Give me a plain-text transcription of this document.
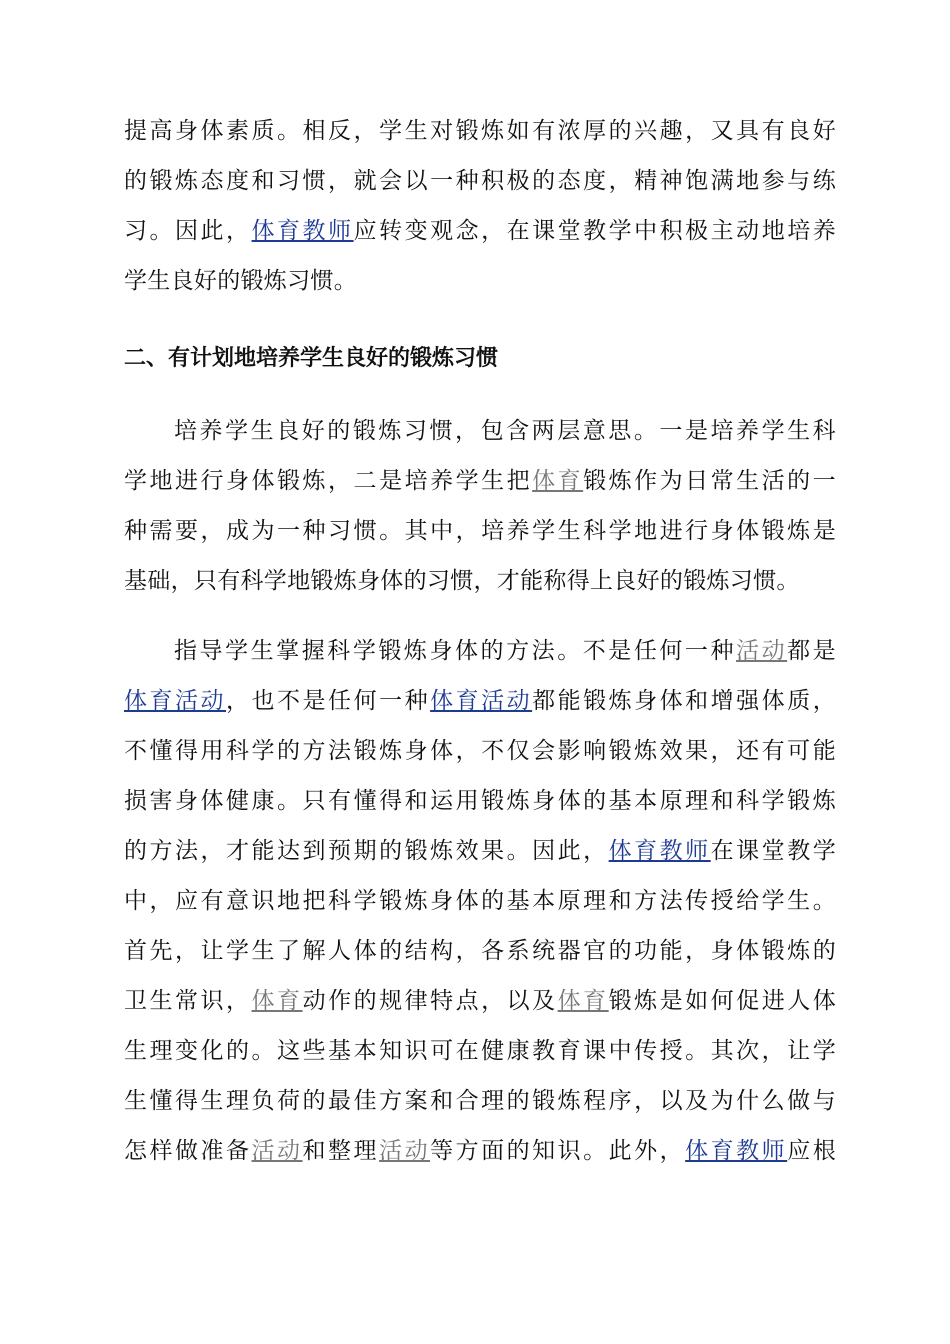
提高身体素质。相反，学生对锻炼如有浓厚的兴趣，又具有良好
的锻炼态度和习惯，就会以一种积极的态度，精神饱满地参与练
习。因此，体育教师应转变观念，在课堂教学中积极主动地培养
学生良好的锻炼习惯。
二、有计划地培养学生良好的锻炼习惯
培养学生良好的锻炼习惯，包含两层意思。一是培养学生科
学地进行身体锻炼，二是培养学生把体育锻炼作为日常生活的一
种需要，成为一种习惯。其中，培养学生科学地进行身体锻炼是
基础，只有科学地锻炼身体的习惯，才能称得上良好的锻炼习惯。
指导学生掌握科学锻炼身体的方法。不是任何一种活动都是
体育活动，也不是任何一种体育活动都能锻炼身体和增强体质，
不懂得用科学的方法锻炼身体，不仅会影响锻炼效果，还有可能
损害身体健康。只有懂得和运用锻炼身体的基本原理和科学锻炼
的方法，才能达到预期的锻炼效果。因此，体育教师在课堂教学
中，应有意识地把科学锻炼身体的基本原理和方法传授给学生。
首先，让学生了解人体的结构，各系统器官的功能，身体锻炼的
卫生常识，体育动作的规律特点，以及体育锻炼是如何促进人体
生理变化的。这些基本知识可在健康教育课中传授。其次，让学
生懂得生理负荷的最佳方案和合理的锻炼程序，以及为什么做与
怎样做准备活动和整理活动等方面的知识。此外，体育教师应根
